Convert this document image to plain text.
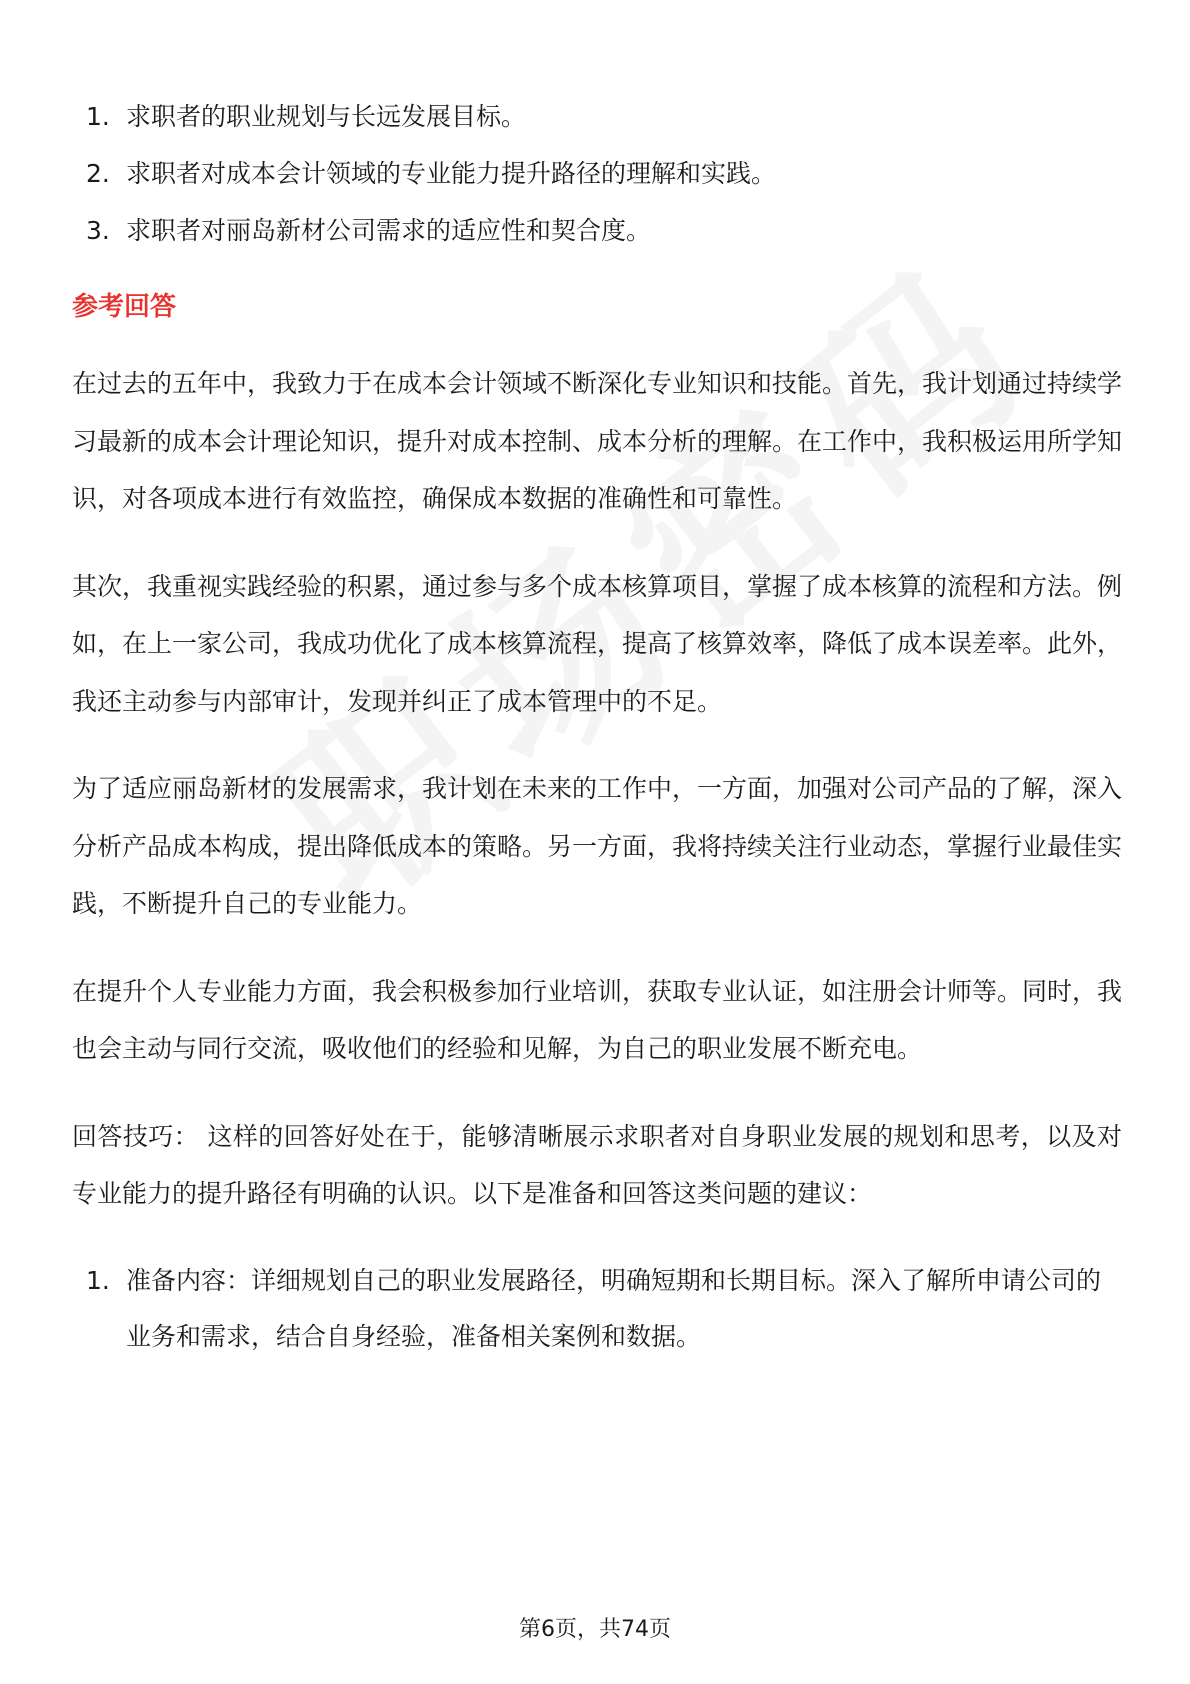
1. 求职者的职业规划与长远发展目标。
2. 求职者对成本会计领域的专业能力提升路径的理解和实践。
3. 求职者对丽岛新材公司需求的适应性和契合度。
参考回答

在过去的五年中，我致力于在成本会计领域不断深化专业知识和技能。首先，我计划通过持续学习最新的成本会计理论知识，提升对成本控制、成本分析的理解。在工作中，我积极运用所学知识，对各项成本进行有效监控，确保成本数据的准确性和可靠性。

其次，我重视实践经验的积累，通过参与多个成本核算项目，掌握了成本核算的流程和方法。例如，在上一家公司，我成功优化了成本核算流程，提高了核算效率，降低了成本误差率。此外，我还主动参与内部审计，发现并纠正了成本管理中的不足。

为了适应丽岛新材的发展需求，我计划在未来的工作中，一方面，加强对公司产品的了解，深入分析产品成本构成，提出降低成本的策略。另一方面，我将持续关注行业动态，掌握行业最佳实践，不断提升自己的专业能力。

在提升个人专业能力方面，我会积极参加行业培训，获取专业认证，如注册会计师等。同时，我也会主动与同行交流，吸收他们的经验和见解，为自己的职业发展不断充电。

回答技巧： 这样的回答好处在于，能够清晰展示求职者对自身职业发展的规划和思考，以及对专业能力的提升路径有明确的认识。以下是准备和回答这类问题的建议：

1. 准备内容：详细规划自己的职业发展路径，明确短期和长期目标。深入了解所申请公司的业务和需求，结合自身经验，准备相关案例和数据。
第6页，共74页
